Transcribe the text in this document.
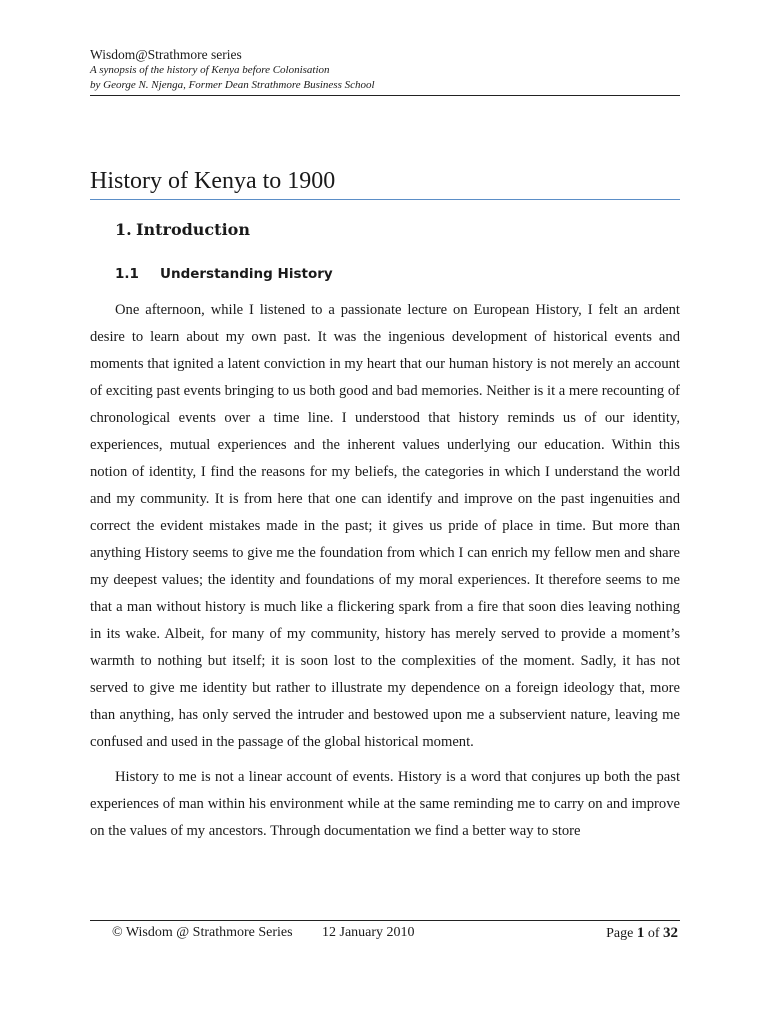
Wisdom@Strathmore series
A synopsis of the history of Kenya before Colonisation
by George N. Njenga, Former Dean Strathmore Business School
History of Kenya to 1900
1. Introduction
1.1 Understanding History

One afternoon, while I listened to a passionate lecture on European History, I felt an ardent desire to learn about my own past. It was the ingenious development of historical events and moments that ignited a latent conviction in my heart that our human history is not merely an account of exciting past events bringing to us both good and bad memories. Neither is it a mere recounting of chronological events over a time line. I understood that history reminds us of our identity, experiences, mutual experiences and the inherent values underlying our education. Within this notion of identity, I find the reasons for my beliefs, the categories in which I understand the world and my community. It is from here that one can identify and improve on the past ingenuities and correct the evident mistakes made in the past; it gives us pride of place in time. But more than anything History seems to give me the foundation from which I can enrich my fellow men and share my deepest values; the identity and foundations of my moral experiences. It therefore seems to me that a man without history is much like a flickering spark from a fire that soon dies leaving nothing in its wake. Albeit, for many of my community, history has merely served to provide a moment’s warmth to nothing but itself; it is soon lost to the complexities of the moment. Sadly, it has not served to give me identity but rather to illustrate my dependence on a foreign ideology that, more than anything, has only served the intruder and bestowed upon me a subservient nature, leaving me confused and used in the passage of the global historical moment.

History to me is not a linear account of events. History is a word that conjures up both the past experiences of man within his environment while at the same reminding me to carry on and improve on the values of my ancestors. Through documentation we find a better way to store

© Wisdom @ Strathmore Series 12 January 2010	Page 1 of 32
